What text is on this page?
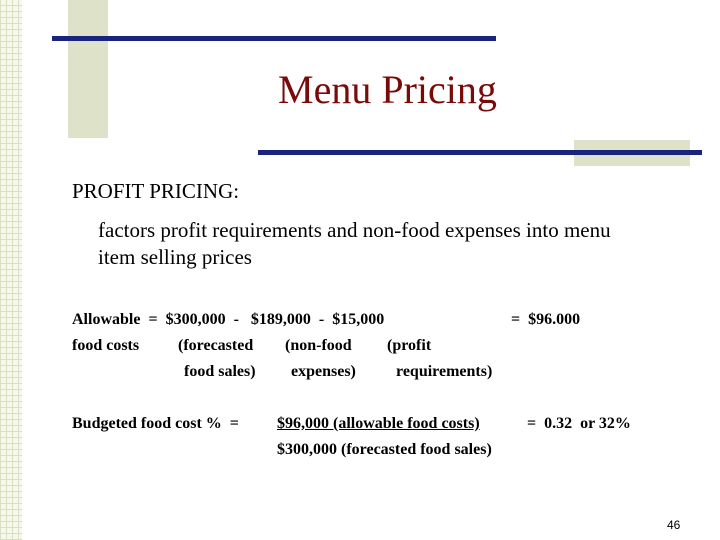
Menu Pricing
PROFIT PRICING:
factors profit requirements and non-food expenses into menu
item selling prices
Allowable  =  $300,000  -   $189,000  -  $15,000	=  $96.000
food costs (forecasted (non-food (profit
food sales) expenses)	requirements)
Budgeted food cost %  = $96,000 (allowable food costs)	=  0.32  or 32%
$300,000 (forecasted food sales)
46
